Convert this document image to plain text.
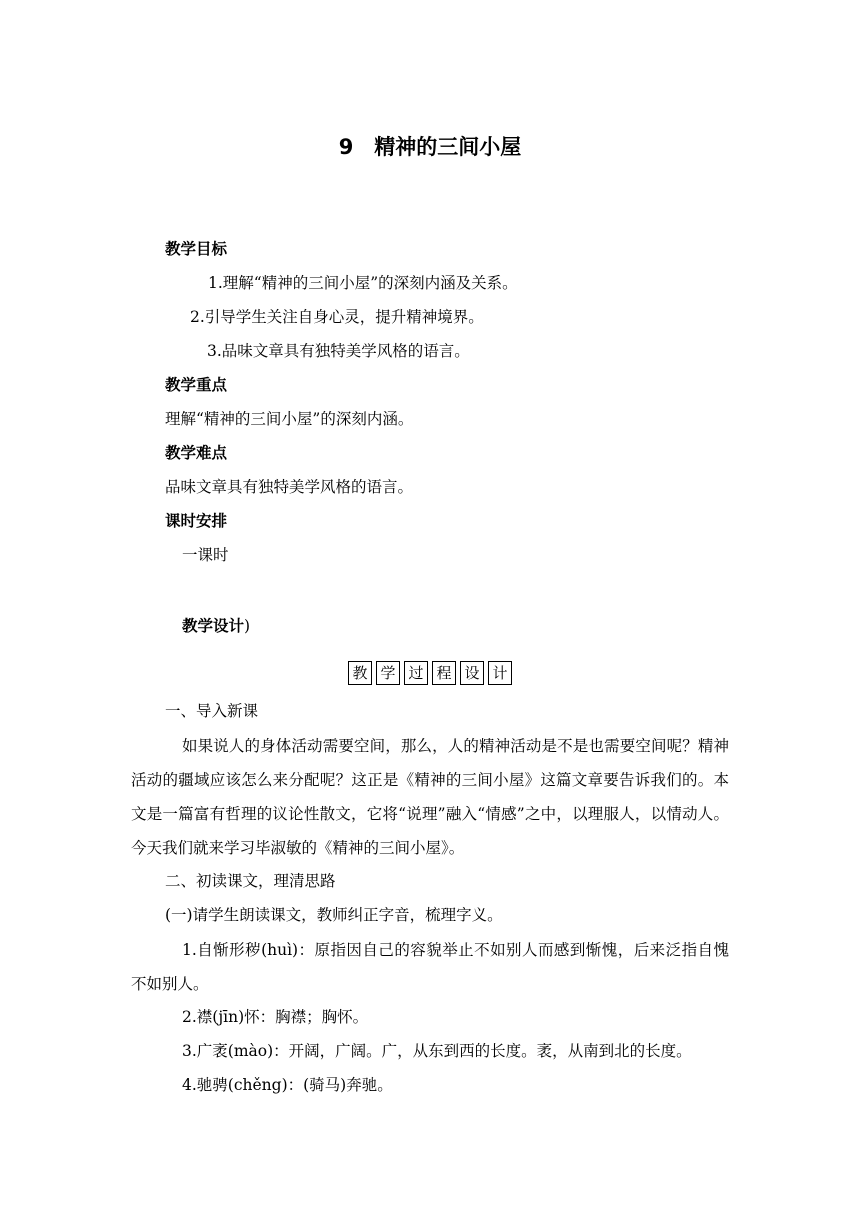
9　精神的三间小屋
教学目标
1.理解“精神的三间小屋”的深刻内涵及关系。
2.引导学生关注自身心灵，提升精神境界。
3.品味文章具有独特美学风格的语言。
教学重点
理解“精神的三间小屋”的深刻内涵。
教学难点
品味文章具有独特美学风格的语言。
课时安排
一课时
教学设计)
教 学 过 程 设 计
一、导入新课
如果说人的身体活动需要空间，那么，人的精神活动是不是也需要空间呢？精神活动的疆域应该怎么来分配呢？这正是《精神的三间小屋》这篇文章要告诉我们的。本文是一篇富有哲理的议论性散文，它将“说理”融入“情感”之中，以理服人，以情动人。今天我们就来学习毕淑敏的《精神的三间小屋》。
二、初读课文，理清思路
(一)请学生朗读课文，教师纠正字音，梳理字义。
1.自惭形秽(huì)：原指因自己的容貌举止不如别人而感到惭愧，后来泛指自愧不如别人。
2.襟(jīn)怀：胸襟；胸怀。
3.广袤(mào)：开阔，广阔。广，从东到西的长度。袤，从南到北的长度。
4.驰骋(chěng)：(骑马)奔驰。
